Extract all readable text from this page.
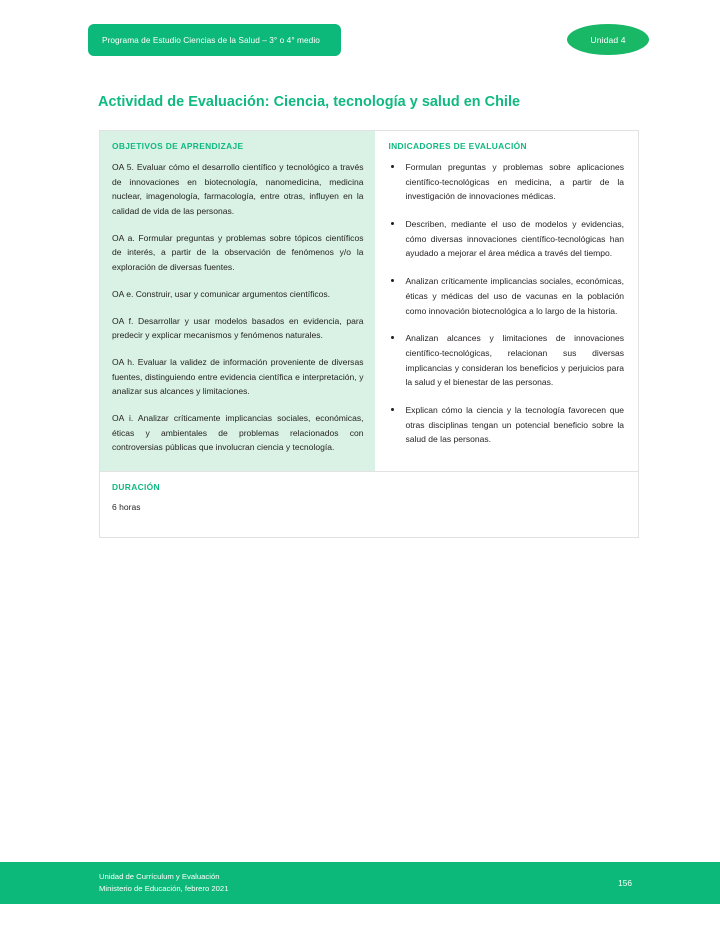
Programa de Estudio Ciencias de la Salud – 3° o 4° medio	Unidad 4
Actividad de Evaluación: Ciencia, tecnología y salud en Chile
OBJETIVOS DE APRENDIZAJE

OA 5. Evaluar cómo el desarrollo científico y tecnológico a través de innovaciones en biotecnología, nanomedicina, medicina nuclear, imagenología, farmacología, entre otras, influyen en la calidad de vida de las personas.

OA a. Formular preguntas y problemas sobre tópicos científicos de interés, a partir de la observación de fenómenos y/o la exploración de diversas fuentes.

OA e. Construir, usar y comunicar argumentos científicos.

OA f. Desarrollar y usar modelos basados en evidencia, para predecir y explicar mecanismos y fenómenos naturales.

OA h. Evaluar la validez de información proveniente de diversas fuentes, distinguiendo entre evidencia científica e interpretación, y analizar sus alcances y limitaciones.

OA i. Analizar críticamente implicancias sociales, económicas, éticas y ambientales de problemas relacionados con controversias públicas que involucran ciencia y tecnología.

INDICADORES DE EVALUACIÓN
Formulan preguntas y problemas sobre aplicaciones científico-tecnológicas en medicina, a partir de la investigación de innovaciones médicas.
Describen, mediante el uso de modelos y evidencias, cómo diversas innovaciones científico-tecnológicas han ayudado a mejorar el área médica a través del tiempo.
Analizan críticamente implicancias sociales, económicas, éticas y médicas del uso de vacunas en la población como innovación biotecnológica a lo largo de la historia.
Analizan alcances y limitaciones de innovaciones científico-tecnológicas, relacionan sus diversas implicancias y consideran los beneficios y perjuicios para la salud y el bienestar de las personas.
Explican cómo la ciencia y la tecnología favorecen que otras disciplinas tengan un potencial beneficio sobre la salud de las personas.
DURACIÓN
6 horas
Unidad de Currículum y Evaluación
Ministerio de Educación, febrero 2021
156
